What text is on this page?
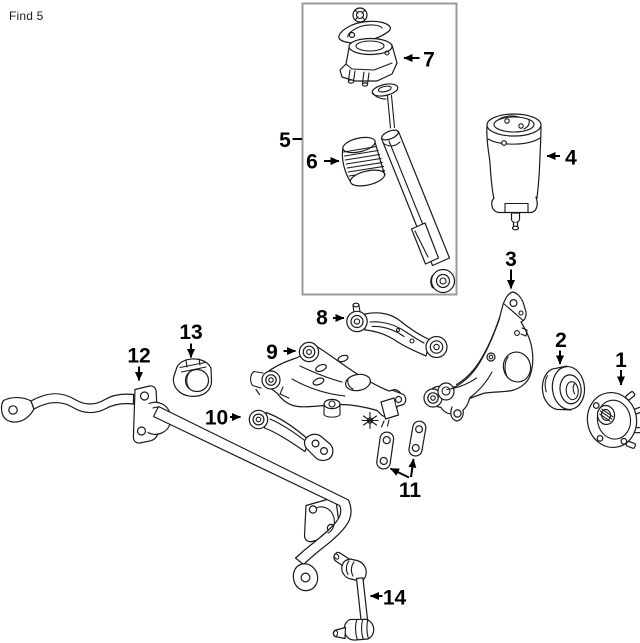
Find 5
1
2
3
4
5
6
7
8
9
10
11
12
13
14
